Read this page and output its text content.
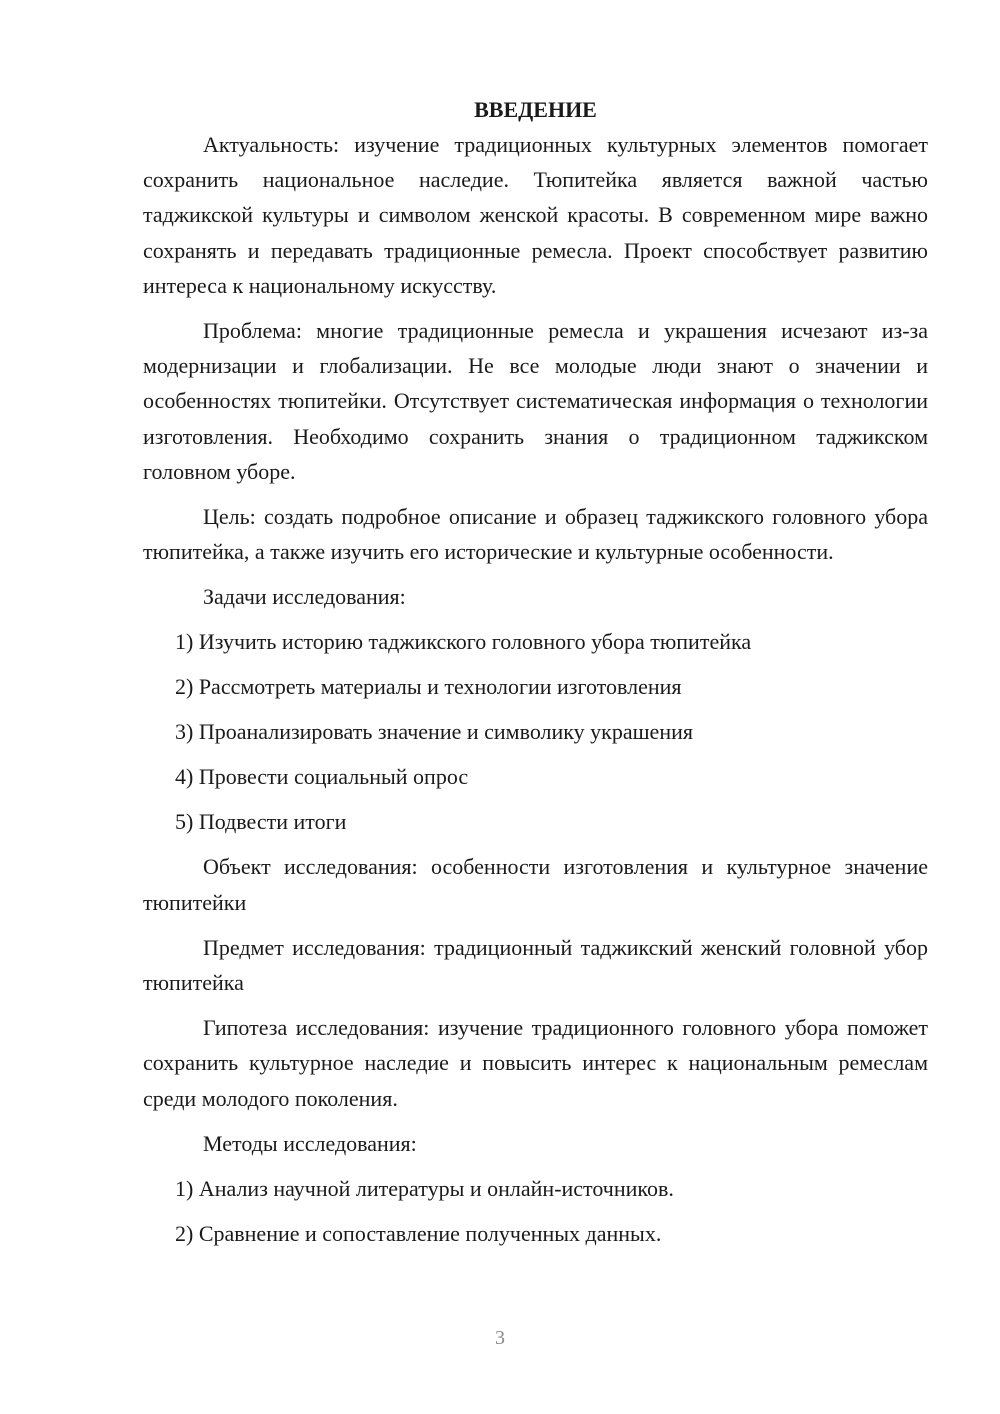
ВВЕДЕНИЕ

Актуальность: изучение традиционных культурных элементов помогает сохранить национальное наследие. Тюпитейка является важной частью таджикской культуры и символом женской красоты. В современном мире важно сохранять и передавать традиционные ремесла. Проект способствует развитию интереса к национальному искусству.

Проблема: многие традиционные ремесла и украшения исчезают из-за модернизации и глобализации. Не все молодые люди знают о значении и особенностях тюпитейки. Отсутствует систематическая информация о технологии изготовления. Необходимо сохранить знания о традиционном таджикском головном уборе.

Цель: создать подробное описание и образец таджикского головного убора тюпитейка, а также изучить его исторические и культурные особенности.

Задачи исследования:

1) Изучить историю таджикского головного убора тюпитейка
2) Рассмотреть материалы и технологии изготовления
3) Проанализировать значение и символику украшения
4) Провести социальный опрос
5) Подвести итоги

Объект исследования: особенности изготовления и культурное значение тюпитейки

Предмет исследования: традиционный таджикский женский головной убор тюпитейка

Гипотеза исследования: изучение традиционного головного убора поможет сохранить культурное наследие и повысить интерес к национальным ремеслам среди молодого поколения.

Методы исследования:

1) Анализ научной литературы и онлайн-источников.
2) Сравнение и сопоставление полученных данных.
3
